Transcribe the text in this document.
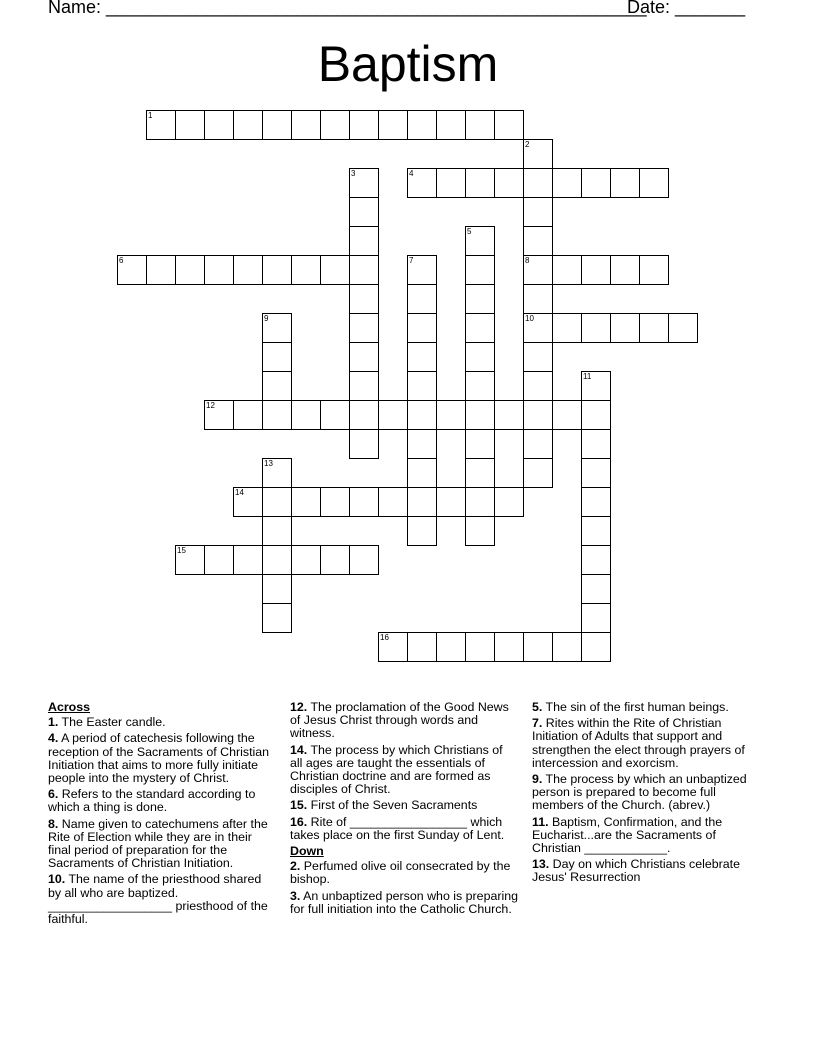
Name: ______________________________________________________
Date: _______
Baptism
1
4
6	8
10
12
14
15
16
2
3
5
7
9
11
13
Across
1. The Easter candle.
4. A period of catechesis following the reception of the Sacraments of Christian Initiation that aims to more fully initiate people into the mystery of Christ.
6. Refers to the standard according to which a thing is done.
8. Name given to catechumens after the Rite of Election while they are in their final period of preparation for the Sacraments of Christian Initiation.
10. The name of the priesthood shared by all who are baptized. __________________ priesthood of the faithful.
12. The proclamation of the Good News of Jesus Christ through words and witness.
14. The process by which Christians of all ages are taught the essentials of Christian doctrine and are formed as disciples of Christ.
15. First of the Seven Sacraments
16. Rite of _________________ which takes place on the first Sunday of Lent.
Down
2. Perfumed olive oil consecrated by the bishop.
3. An unbaptized person who is preparing for full initiation into the Catholic Church.
5. The sin of the first human beings.
7. Rites within the Rite of Christian Initiation of Adults that support and strengthen the elect through prayers of intercession and exorcism.
9. The process by which an unbaptized person is prepared to become full members of the Church. (abrev.)
11. Baptism, Confirmation, and the Eucharist...are the Sacraments of Christian ____________.
13. Day on which Christians celebrate Jesus' Resurrection
